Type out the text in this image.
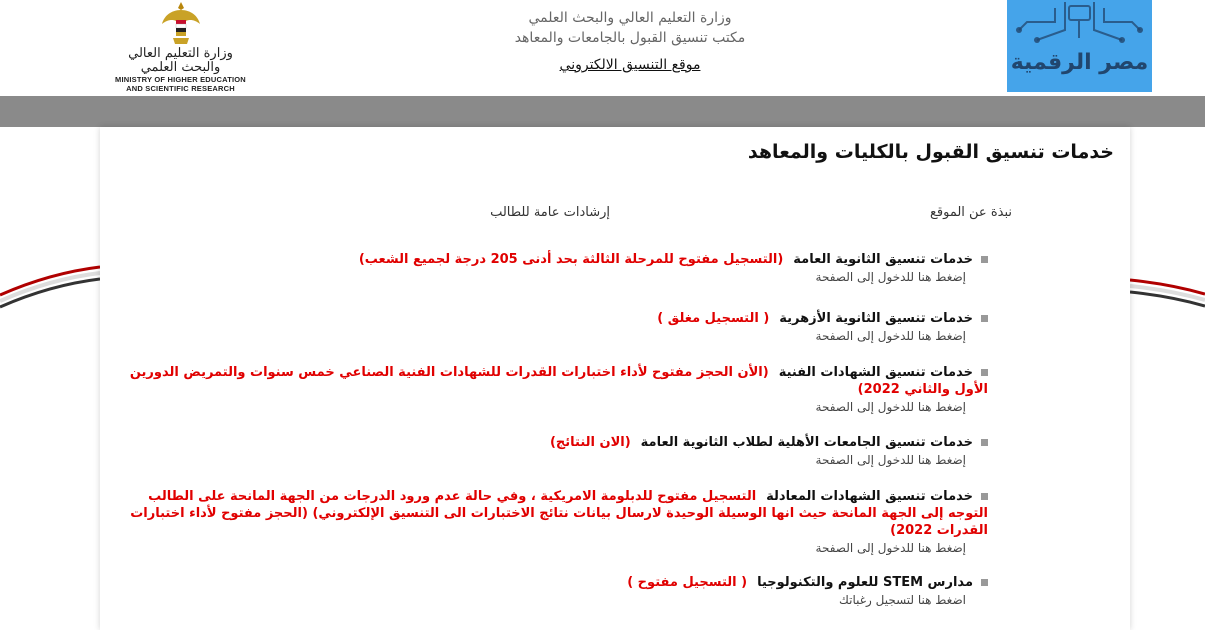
وزارة التعليم العالي والبحث العلمي
MINISTRY OF HIGHER EDUCATION
AND SCIENTIFIC RESEARCH
وزارة التعليم العالي والبحث العلمي
مكتب تنسيق القبول بالجامعات والمعاهد
موقع التنسيق الالكتروني	مصر الرقمية
خدمات تنسيق القبول بالكليات والمعاهد
نبذة عن الموقع
إرشادات عامة للطالب
خدمات تنسيق الثانوية العامة(التسجيل مفتوح للمرحلة الثالثة بحد أدنى 205 درجة لجميع الشعب)
إضغط هنا للدخول إلى الصفحة
خدمات تنسيق الثانوية الأزهرية( التسجيل مغلق )
إضغط هنا للدخول إلى الصفحة
خدمات تنسيق الشهادات الفنية(الأن الحجز مفتوح لأداء اختبارات القدرات للشهادات الفنية الصناعي خمس سنوات والتمريض الدورين الأول والثاني 2022)
إضغط هنا للدخول إلى الصفحة
خدمات تنسيق الجامعات الأهلية لطلاب الثانوية العامة(الان النتائج)
إضغط هنا للدخول إلى الصفحة
خدمات تنسيق الشهادات المعادلةالتسجيل مفتوح للدبلومة الامريكية ، وفي حالة عدم ورود الدرجات من الجهة المانحة على الطالب التوجه إلى الجهة المانحة حيث انها الوسيلة الوحيدة لارسال بيانات نتائج الاختبارات الى التنسيق الإلكتروني) (الحجز مفتوح لأداء اختبارات القدرات 2022)
إضغط هنا للدخول إلى الصفحة
مدارس STEM للعلوم والتكنولوجيا( التسجيل مفتوح )
اضغط هنا لتسجيل رغباتك
